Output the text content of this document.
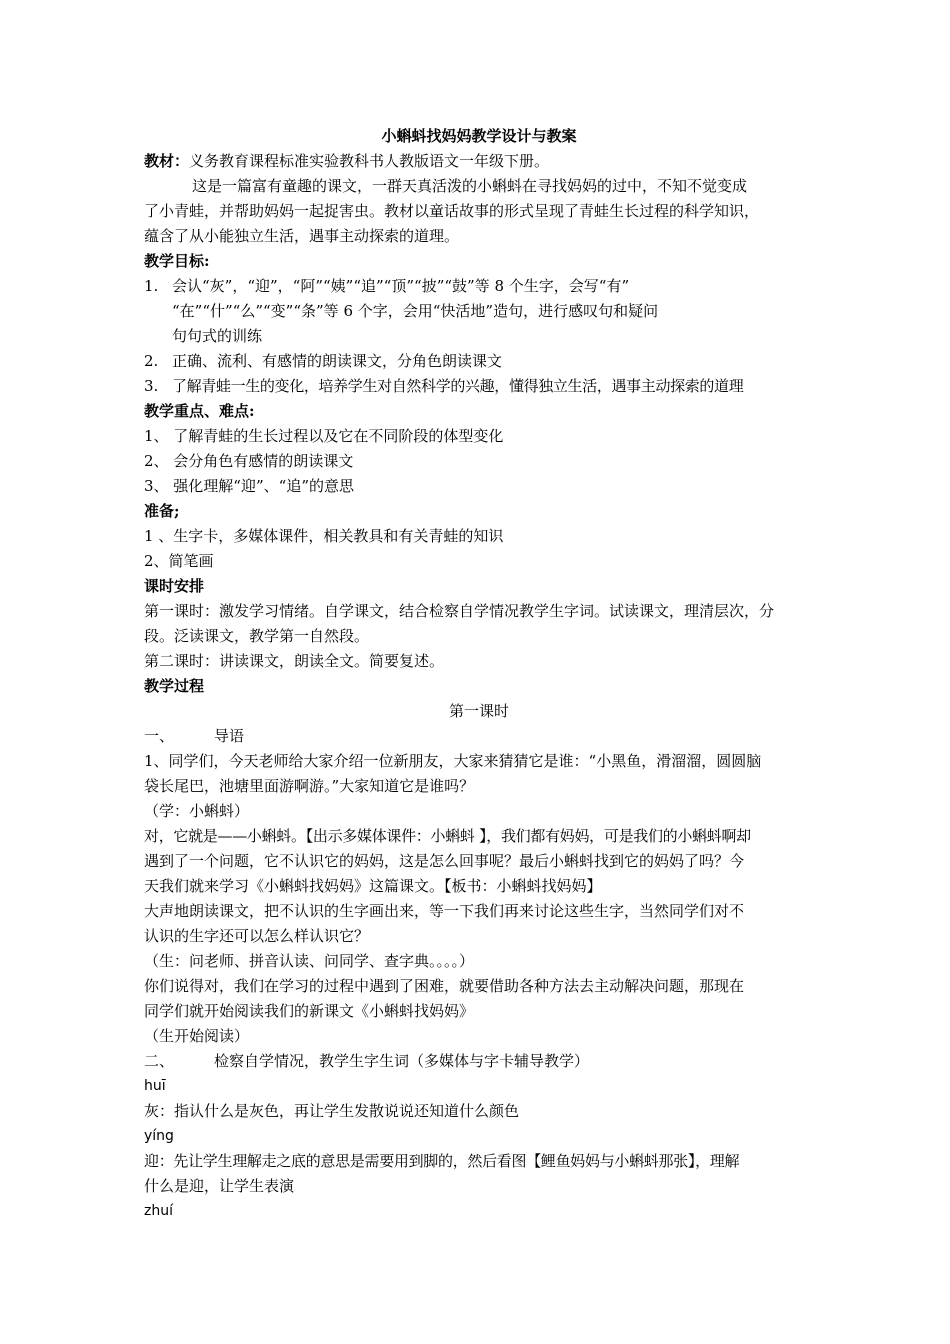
小蝌蚪找妈妈教学设计与教案
教材：义务教育课程标准实验教科书人教版语文一年级下册。
这是一篇富有童趣的课文，一群天真活泼的小蝌蚪在寻找妈妈的过中，不知不觉变成
了小青蛙，并帮助妈妈一起捉害虫。教材以童话故事的形式呈现了青蛙生长过程的科学知识，
蕴含了从小能独立生活，遇事主动探索的道理。
教学目标:
1. 会认“灰”，“迎”，“阿”“姨”“追”“顶”“披”“鼓”等 8 个生字，会写“有”
“在”“什”“么”“变”“条”等 6 个字，会用“快活地”造句，进行感叹句和疑问
句句式的训练
2. 正确、流利、有感情的朗读课文，分角色朗读课文
3. 了解青蛙一生的变化，培养学生对自然科学的兴趣，懂得独立生活，遇事主动探索的道理
教学重点、难点:
1、 了解青蛙的生长过程以及它在不同阶段的体型变化
2、 会分角色有感情的朗读课文
3、 强化理解“迎”、“追”的意思
准备;
1 、生字卡，多媒体课件，相关教具和有关青蛙的知识
2、简笔画
课时安排
第一课时：激发学习情绪。自学课文，结合检察自学情况教学生字词。试读课文，理清层次，分
段。泛读课文，教学第一自然段。
第二课时：讲读课文，朗读全文。简要复述。
教学过程
第一课时
一、	导语
1、同学们，今天老师给大家介绍一位新朋友，大家来猜猜它是谁：“小黑鱼，滑溜溜，圆圆脑
袋长尾巴，池塘里面游啊游。”大家知道它是谁吗？
（学：小蝌蚪）
对，它就是——小蝌蚪。【出示多媒体课件：小蝌蚪 】，我们都有妈妈，可是我们的小蝌蚪啊却
遇到了一个问题，它不认识它的妈妈，这是怎么回事呢？最后小蝌蚪找到它的妈妈了吗？今
天我们就来学习《小蝌蚪找妈妈》这篇课文。【板书：小蝌蚪找妈妈】
大声地朗读课文，把不认识的生字画出来，等一下我们再来讨论这些生字，当然同学们对不
认识的生字还可以怎么样认识它？
（生：问老师、拼音认读、问同学、查字典。。。。）
你们说得对，我们在学习的过程中遇到了困难，就要借助各种方法去主动解决问题，那现在
同学们就开始阅读我们的新课文《小蝌蚪找妈妈》
（生开始阅读）
二、	检察自学情况，教学生字生词（多媒体与字卡辅导教学）
huī
灰：指认什么是灰色，再让学生发散说说还知道什么颜色
yíng
迎：先让学生理解走之底的意思是需要用到脚的，然后看图【鲤鱼妈妈与小蝌蚪那张】，理解
什么是迎，让学生表演
zhuí
